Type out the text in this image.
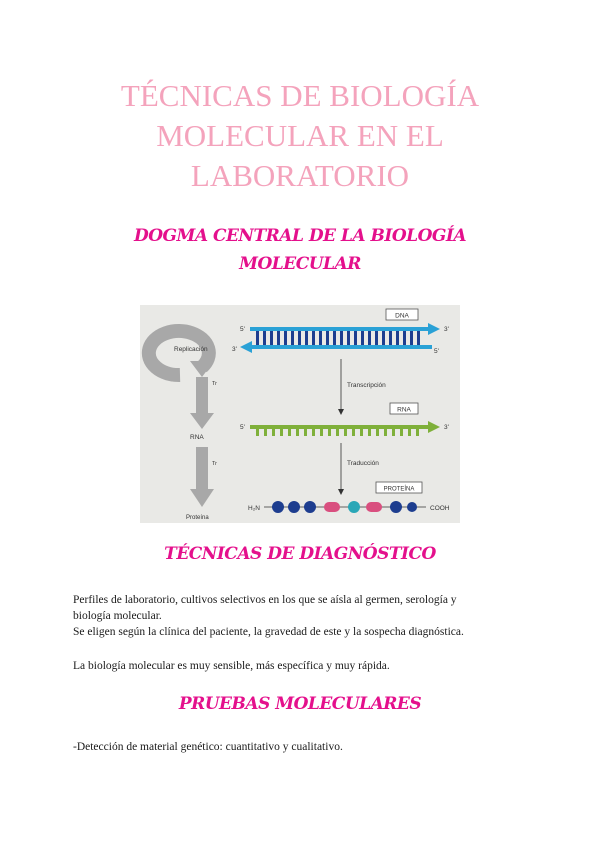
TÉCNICAS DE BIOLOGÍA
MOLECULAR EN EL
LABORATORIO
DOGMA CENTRAL DE LA BIOLOGÍA
MOLECULAR
Replicación
Tr
RNA
Tr
Proteína
DNA
5'	3'
3'	5'
Transcripción
RNA
5'	3'
Traducción
PROTEÍNA
H₂N	COOH
TÉCNICAS DE DIAGNÓSTICO

Perfiles de laboratorio, cultivos selectivos en los que se aísla al germen, serología y
biología molecular.

Se eligen según la clínica del paciente, la gravedad de este y la sospecha diagnóstica.

La biología molecular es muy sensible, más específica y muy rápida.

PRUEBAS MOLECULARES

-Detección de material genético: cuantitativo y cualitativo.
